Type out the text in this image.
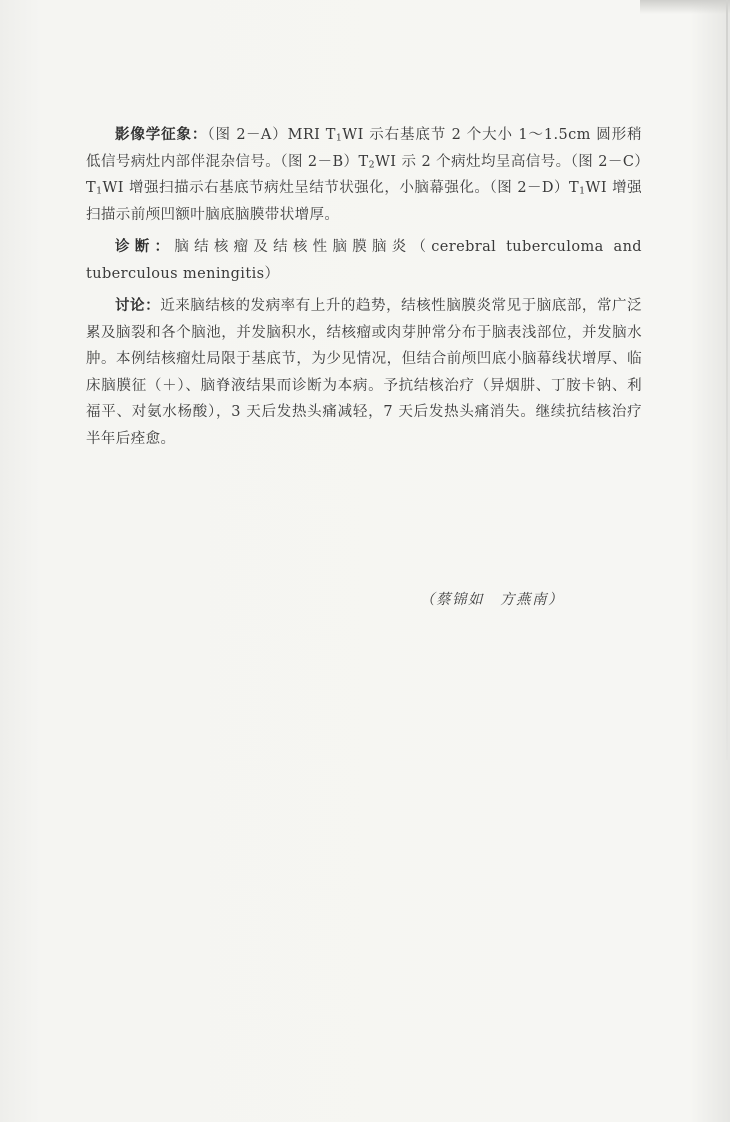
影像学征象：（图 2－A）MRI $T_1WI$ 示右基底节 2 个大小 1～1.5cm 圆形稍低信号病灶内部伴混杂信号。（图 $2-B)T_2WI$ 示 2 个病灶均呈高信号。（图 $2-C)T_1WI$ 增强扫描示右基底节病灶呈结节状强化，小脑幕强化。（图 $2-D)T_1WI$ 增强扫描示前颅凹额叶脑底脑膜带状增厚。

诊断：脑结核瘤及结核性脑膜脑炎（cerebral tuberculoma and tuberculous meningitis）

讨论：近来脑结核的发病率有上升的趋势，结核性脑膜炎常见于脑底部，常广泛累及脑裂和各个脑池，并发脑积水，结核瘤或肉芽肿常分布于脑表浅部位，并发脑水肿。本例结核瘤灶局限于基底节，为少见情况，但结合前颅凹底小脑幕线状增厚、临床脑膜征（＋）、脑脊液结果而诊断为本病。予抗结核治疗（异烟肼、丁胺卡钠、利福平、对氨水杨酸），3 天后发热头痛减轻，7 天后发热头痛消失。继续抗结核治疗半年后痊愈。

（蔡锦如　方燕南）
